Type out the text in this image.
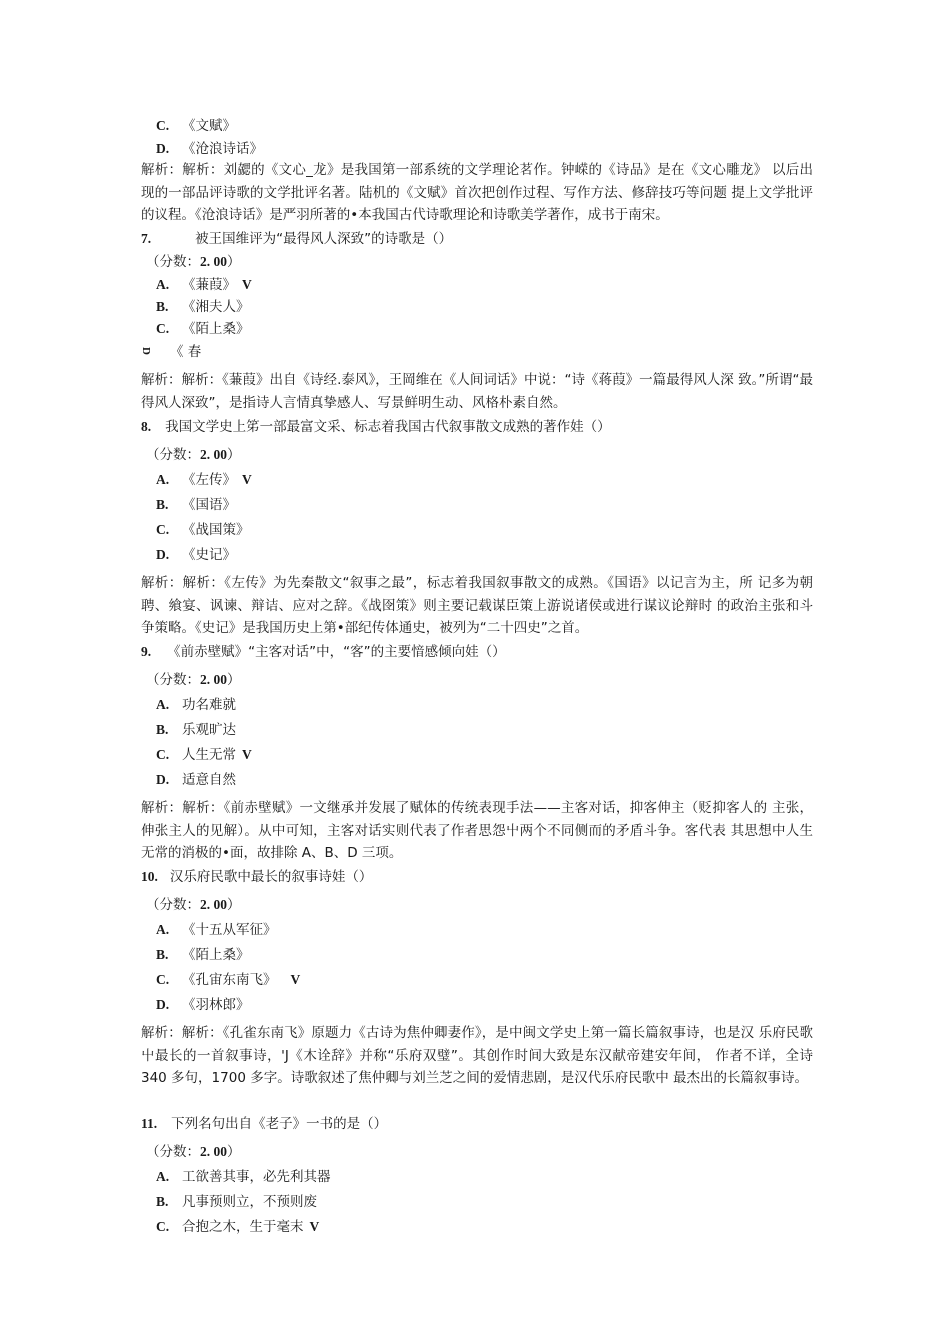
C. 《文赋》
D. 《沧浪诗话》
解析：解析：刘勰的《文心_龙》是我国第一部系统的文学理论茗作。钟嵘的《诗品》是在《文心雕龙》 以后出现的一部品评诗歌的文学批评名著。陆机的《文赋》首次把创作过程、写作方法、修辞技巧等问题 提上文学批评的议程。《沧浪诗话》是严羽所著的•本我国古代诗歌理论和诗歌美学著作，成书于南宋。
7.	被王国维评为“最得风人深致”的诗歌是（）
（分数：2. 00）
A. 《蒹葭》 V
B. 《湘夫人》
C. 《陌上桑》
D 《 春
解析：解析：《蒹葭》出自《诗经.泰风》，王岡维在《人间词话》中说：“诗《蒋葭》一篇最得风人深 致。”所谓“最得风人深致”，是指诗人言情真挚感人、写景鲜明生动、风格朴素自然。
8. 我国文学史上笫一部最富文采、标志着我国古代叙事散文成熟的著作娃（）
（分数：2. 00）
A. 《左传》 V
B. 《国语》
C. 《战国策》
D. 《史记》
解析：解析：《左传》为先秦散文“叙事之最”，标志着我国叙事散文的成熟。《国语》以记言为主，所 记多为朝聘、飨宴、讽谏、辩诘、应对之辞。《战囹策》则主要记载谋臣策上游说诸侯或进行谋议论辩时 的政治主张和斗争策略。《史记》是我国历史上第•部纪传体通史，被列为“二十四史”之首。
9. 《前赤壁赋》“主客对话”中，“客”的主要愔感倾向娃（）
（分数：2. 00）
A. 功名难就
B. 乐观旷达
C. 人生无常 V
D. 适意自然
解析：解析：《前赤壁赋》一文继承并发展了赋体的传统表现手法——主客对话，抑客伸主（贬抑客人的 主张，伸张主人的见解）。从中可知，主客对话实则代表了作者思怨屮两个不同侧而的矛盾斗争。客代表 其思想中人生无常的消极的•面，故排除 A、B、D 三项。
10. 汉乐府民歌中最长的叙事诗娃（）
（分数：2. 00）
A. 《十五从军征》
B. 《陌上桑》
C. 《孔宙东南飞》 V
D. 《羽林郎》
解析：解析：《孔雀东南飞》原题力《古诗为焦仲卿妻作》，是中闽文学史上第一篇长篇叙事诗，也是汉 乐府民歌屮最长的一首叙事诗，'J《木诠辞》并称“乐府双璧”。其创作时间大致是东汉献帝建安年间， 作者不详，全诗 340 多句，1700 多字。诗歌叙述了焦仲卿与刘兰芝之间的爱情悲剧，是汉代乐府民歌中 最杰出的长篇叙事诗。
11. 下列名句出自《老子》一书的是（）
（分数：2. 00）
A. 工欲善其事，必先利其器
B. 凡事预则立，不预则废
C. 合抱之木，生于毫末 V
